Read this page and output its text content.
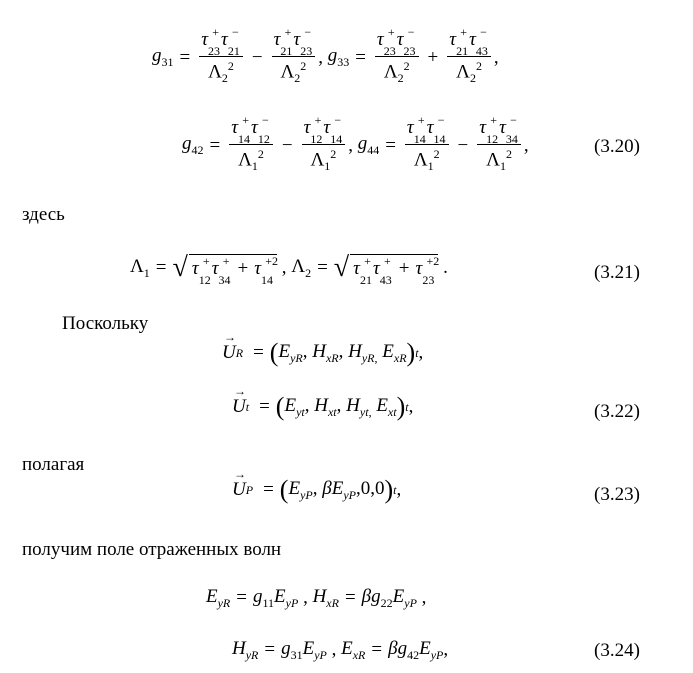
$g_{31} = \tau$ +
$_{23}$τ −
$_{21}$
$\Lambda_2^2 - \tau$ +
$_{21}$τ −
$_{23}$
$\Lambda_2^2$ , $g_{33} = \tau$ +
$_{23}$τ −
$_{23}$
$\Lambda_2^2 + \tau$ +
$_{21}$τ −
$_{43}$
$\Lambda_2^2$ ,
$g_{42} = \tau$ +
$_{14}$τ −
$_{12}$
$\Lambda_1^2 - \tau$ +
$_{12}$τ −
$_{14}$
$\Lambda_1^2$ , $g_{44} = \tau$ +
$_{14}$τ −
$_{14}$
$\Lambda_1^2 - \tau$ +
$_{12}$τ −
$_{34}$
$\Lambda_1^2$ ,	(3.20)
здесь
$\Lambda_1$ = √ τ +
$_{12}$τ +
$_{34}$+ τ +2
$_{14}$
, $\Lambda_2$ = √ τ +
$_{21}$τ +
$_{43}$+ τ +2
$_{23}$
.	(3.21)
Поскольку
→ U R = ( $E_{yR}$, $H_{xR}$, $H_{yR,}$ $E_{xR}$ ) t ,
→ U t = ( $E_{yt}$, $H_{xt}$, $H_{yt,}$ $E_{xt}$ ) t ,	(3.22)
полагая
→ U P = ( $E_{yP}$, $\beta E_{yP},0,0$ ) t ,	(3.23)
получим поле отраженных волн
$E_{yR} = g_{11}E_{yP}$ , $H_{xR} = \beta g_{22}E_{yP}$ ,
$H_{yR} = g_{31}E_{yP}$ , $E_{xR} = \beta g_{42}E_{yP}$ ,	(3.24)
